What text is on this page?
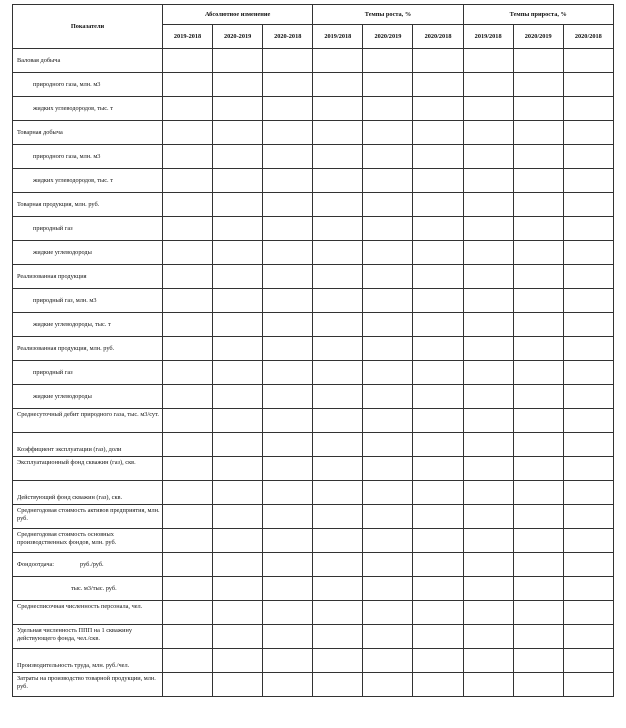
Показатели	Абсолютное изменение			Темпы роста, %			Темпы прироста, %		
	2019-2018	2020-2019	2020-2018	2019/2018	2020/2019	2020/2018	2019/2018	2020/2019	2020/2018
Валовая добыча									
природного газа, млн. м3									
жидких углеводородов, тыс. т									
Товарная добыча									
природного газа, млн. м3									
жидких углеводородов, тыс. т									
Товарная продукция, млн. руб.									
природный газ									
жидкие углеводороды									
Реализованная продукция									
природный газ, млн. м3									
жидкие углеводороды, тыс. т									
Реализованная продукция, млн. руб.									
природный газ									
жидкие углеводороды									
Среднесуточный дебит природного газа, тыс. м3/сут.									
Коэффициент эксплуатации (газ), доли									
Эксплуатационный фонд скважин (газ), скв.									
Действующий фонд скважин (газ), скв.									
Среднегодовая стоимость активов предприятия, млн. руб.									
Среднегодовая стоимость основных производственных фондов, млн. руб.									
Фондоотдача: руб./руб.									
тыс. м3/тыс. руб.									
Среднесписочная численность персонала, чел.									
Удельная численность ППП на 1 скважину действующего фонда, чел./скв.									
Производительность труда, млн. руб./чел.									
Затраты на производство товарной продукции, млн. руб.									
